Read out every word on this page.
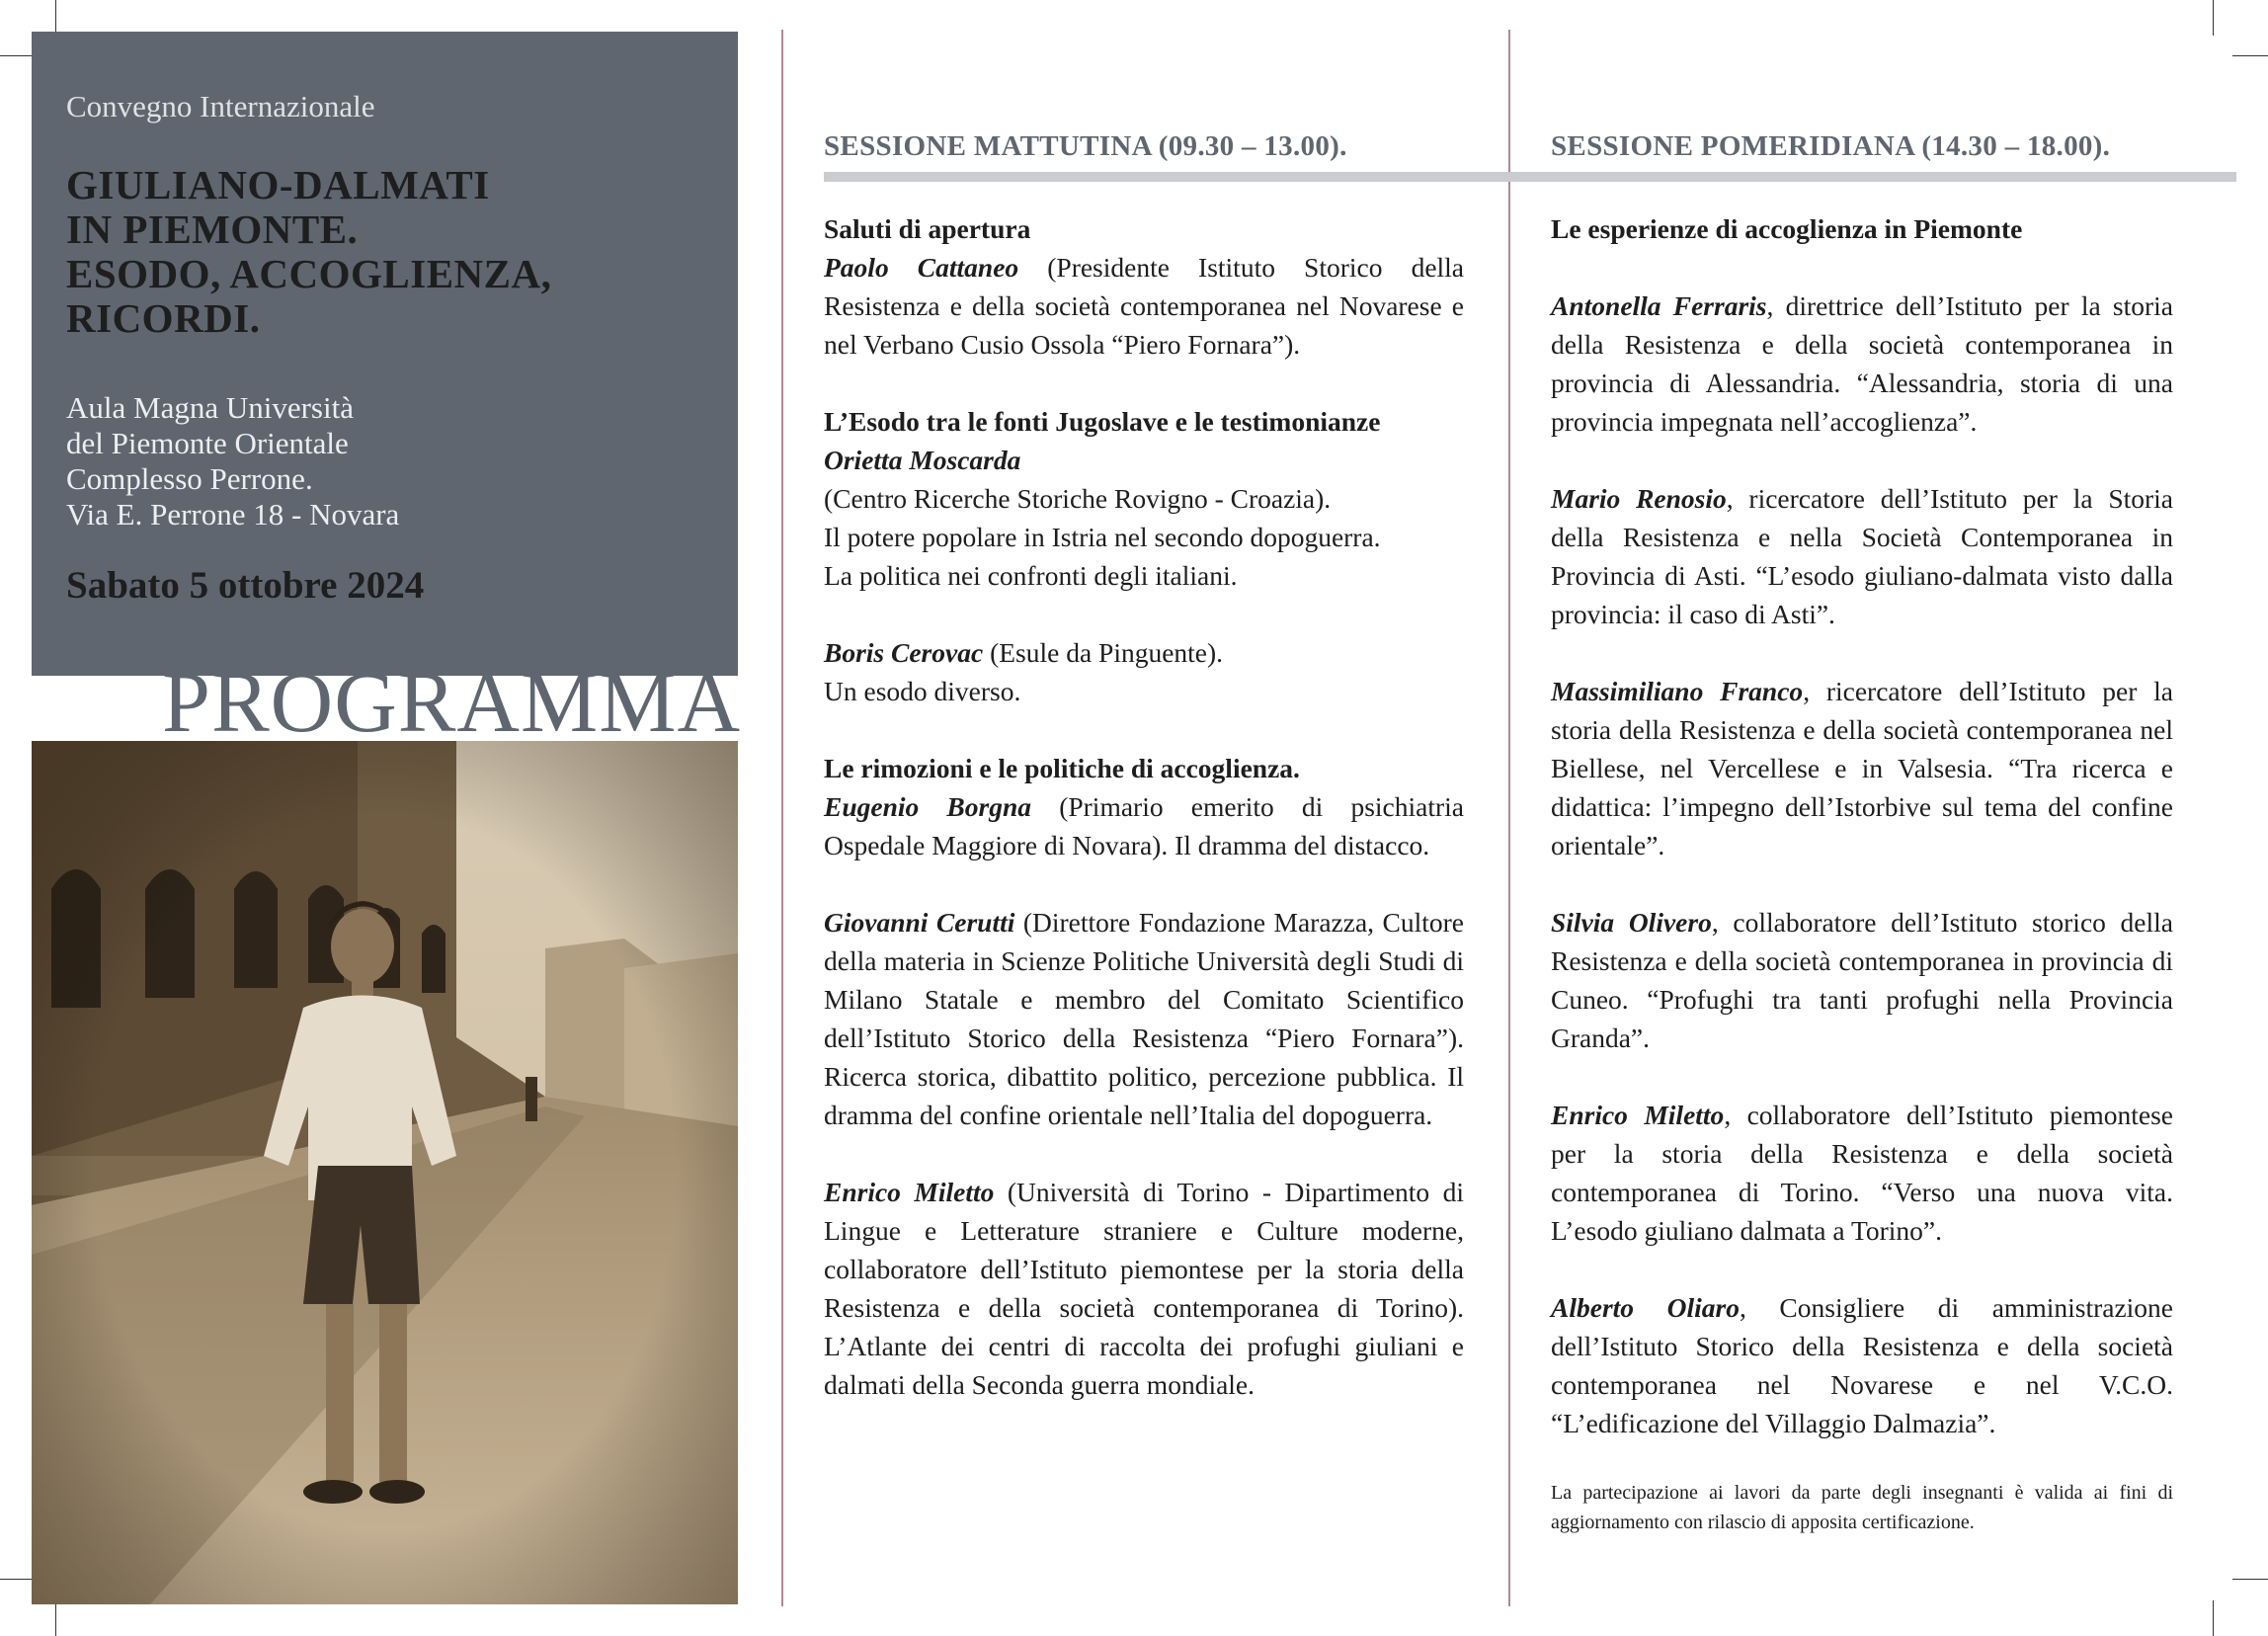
Convegno Internazionale
GIULIANO-DALMATI
IN PIEMONTE.
ESODO, ACCOGLIENZA,
RICORDI.
Aula Magna Università
del Piemonte Orientale
Complesso Perrone.
Via E. Perrone 18 - Novara
Sabato 5 ottobre 2024
PROGRAMMA
SESSIONE MATTUTINA (09.30 – 13.00).	SESSIONE POMERIDIANA (14.30 – 18.00).

Saluti di apertura
Paolo Cattaneo (Presidente Istituto Storico della Resistenza e della società contemporanea nel Novarese e nel Verbano Cusio Ossola “Piero Fornara”).

L’Esodo tra le fonti Jugoslave e le testimonianze
Orietta Moscarda
(Centro Ricerche Storiche Rovigno - Croazia).
Il potere popolare in Istria nel secondo dopoguerra.
La politica nei confronti degli italiani.

Boris Cerovac (Esule da Pinguente).
Un esodo diverso.

Le rimozioni e le politiche di accoglienza.
Eugenio Borgna (Primario emerito di psichiatria Ospedale Maggiore di Novara). Il dramma del distacco.

Giovanni Cerutti (Direttore Fondazione Marazza, Cultore della materia in Scienze Politiche Università degli Studi di Milano Statale e membro del Comitato Scientifico dell’Istituto Storico della Resistenza “Piero Fornara”). Ricerca storica, dibattito politico, percezione pubblica. Il dramma del confine orientale nell’Italia del dopoguerra.

Enrico Miletto (Università di Torino - Dipartimento di Lingue e Letterature straniere e Culture moderne, collaboratore dell’Istituto piemontese per la storia della Resistenza e della società contemporanea di Torino). L’Atlante dei centri di raccolta dei profughi giuliani e dalmati della Seconda guerra mondiale.

Le esperienze di accoglienza in Piemonte

Antonella Ferraris, direttrice dell’Istituto per la storia della Resistenza e della società contemporanea in provincia di Alessandria. “Alessandria, storia di una provincia impegnata nell’accoglienza”.

Mario Renosio, ricercatore dell’Istituto per la Storia della Resistenza e nella Società Contemporanea in Provincia di Asti. “L’esodo giuliano-dalmata visto dalla provincia: il caso di Asti”.

Massimiliano Franco, ricercatore dell’Istituto per la storia della Resistenza e della società contemporanea nel Biellese, nel Vercellese e in Valsesia. “Tra ricerca e didattica: l’impegno dell’Istorbive sul tema del confine orientale”.

Silvia Olivero, collaboratore dell’Istituto storico della Resistenza e della società contemporanea in provincia di Cuneo. “Profughi tra tanti profughi nella Provincia Granda”.

Enrico Miletto, collaboratore dell’Istituto piemontese per la storia della Resistenza e della società contemporanea di Torino. “Verso una nuova vita. L’esodo giuliano dalmata a Torino”.

Alberto Oliaro, Consigliere di amministrazione dell’Istituto Storico della Resistenza e della società contemporanea nel Novarese e nel V.C.O. “L’edificazione del Villaggio Dalmazia”.

La partecipazione ai lavori da parte degli insegnanti è valida ai fini di aggiornamento con rilascio di apposita certificazione.
